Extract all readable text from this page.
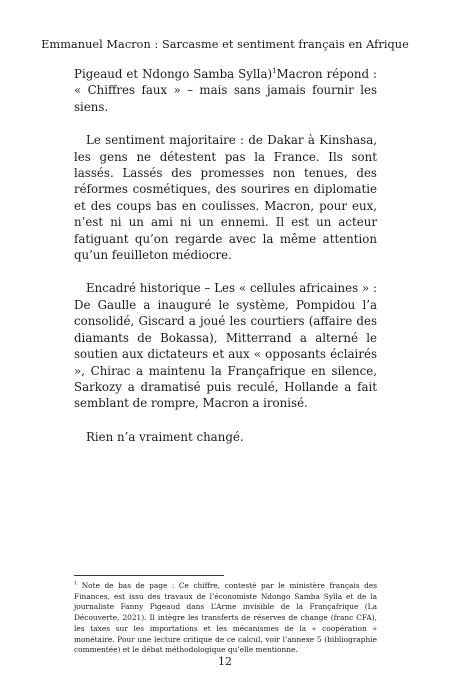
Emmanuel Macron : Sarcasme et sentiment français en Afrique

Pigeaud et Ndongo Samba Sylla)$^1$Macron répond : « Chiffres faux » – mais sans jamais fournir les siens.

Le sentiment majoritaire : de Dakar à Kinshasa, les gens ne détestent pas la France. Ils sont lassés. Lassés des promesses non tenues, des réformes cosmétiques, des sourires en diplomatie et des coups bas en coulisses. Macron, pour eux, n’est ni un ami ni un ennemi. Il est un acteur fatiguant qu’on regarde avec la même attention qu’un feuilleton médiocre.

Encadré historique – Les « cellules africaines » : De Gaulle a inauguré le système, Pompidou l’a consolidé, Giscard a joué les courtiers (affaire des diamants de Bokassa), Mitterrand a alterné le soutien aux dictateurs et aux « opposants éclairés », Chirac a maintenu la Françafrique en silence, Sarkozy a dramatisé puis reculé, Hollande a fait semblant de rompre, Macron a ironisé.

Rien n’a vraiment changé.

$^1$ Note de bas de page : Ce chiffre, contesté par le ministère français des Finances, est issu des travaux de l’économiste Ndongo Samba Sylla et de la journaliste Fanny Pigeaud dans L’Arme invisible de la Françafrique (La Découverte, 2021). Il intègre les transferts de réserves de change (franc CFA), les taxes sur les importations et les mécanismes de la « coopération » monétaire. Pour une lecture critique de ce calcul, voir l’annexe 5 (bibliographie commentée) et le débat méthodologique qu’elle mentionne.
12
